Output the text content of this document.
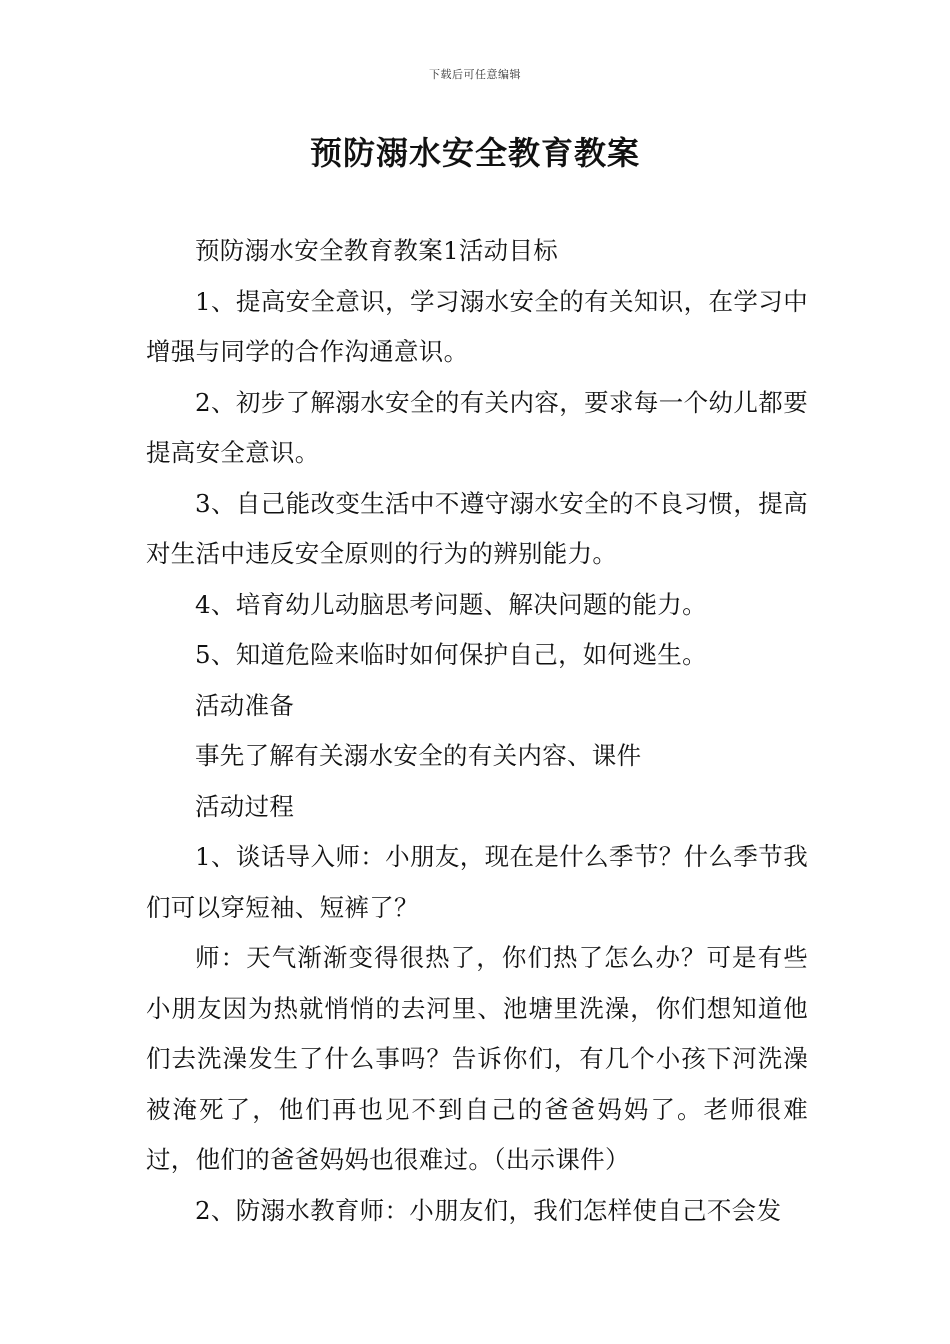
下载后可任意编辑
预防溺水安全教育教案

预防溺水安全教育教案1活动目标

1、提高安全意识，学习溺水安全的有关知识，在学习中增强与同学的合作沟通意识。

2、初步了解溺水安全的有关内容，要求每一个幼儿都要提高安全意识。

3、自己能改变生活中不遵守溺水安全的不良习惯，提高对生活中违反安全原则的行为的辨别能力。

4、培育幼儿动脑思考问题、解决问题的能力。

5、知道危险来临时如何保护自己，如何逃生。

活动准备

事先了解有关溺水安全的有关内容、课件

活动过程

1、谈话导入师：小朋友，现在是什么季节？什么季节我们可以穿短袖、短裤了？

师：天气渐渐变得很热了，你们热了怎么办？可是有些小朋友因为热就悄悄的去河里、池塘里洗澡，你们想知道他们去洗澡发生了什么事吗？告诉你们，有几个小孩下河洗澡被淹死了，他们再也见不到自己的爸爸妈妈了。老师很难过，他们的爸爸妈妈也很难过。（出示课件）

2、防溺水教育师：小朋友们，我们怎样使自己不会发
